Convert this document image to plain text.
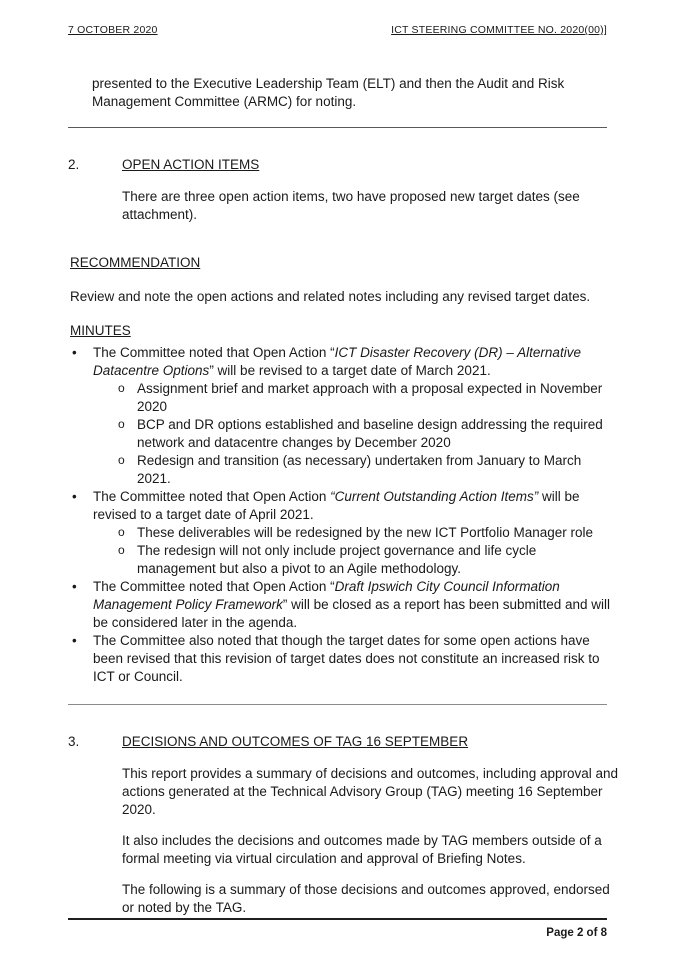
7 OCTOBER 2020	ICT STEERING COMMITTEE NO. 2020(00)]

presented to the Executive Leadership Team (ELT) and then the Audit and Risk Management Committee (ARMC) for noting.

2.	OPEN ACTION ITEMS

There are three open action items, two have proposed new target dates (see attachment).

RECOMMENDATION

Review and note the open actions and related notes including any revised target dates.

MINUTES
• The Committee noted that Open Action “ICT Disaster Recovery (DR) – Alternative Datacentre Options” will be revised to a target date of March 2021.
o Assignment brief and market approach with a proposal expected in November 2020
o BCP and DR options established and baseline design addressing the required network and datacentre changes by December 2020
o Redesign and transition (as necessary) undertaken from January to March 2021.
• The Committee noted that Open Action “Current Outstanding Action Items” will be revised to a target date of April 2021.
o These deliverables will be redesigned by the new ICT Portfolio Manager role
o The redesign will not only include project governance and life cycle management but also a pivot to an Agile methodology.
• The Committee noted that Open Action “Draft Ipswich City Council Information Management Policy Framework” will be closed as a report has been submitted and will be considered later in the agenda.
• The Committee also noted that though the target dates for some open actions have been revised that this revision of target dates does not constitute an increased risk to ICT or Council.
3.	DECISIONS AND OUTCOMES OF TAG 16 SEPTEMBER

This report provides a summary of decisions and outcomes, including approval and actions generated at the Technical Advisory Group (TAG) meeting 16 September 2020.

It also includes the decisions and outcomes made by TAG members outside of a formal meeting via virtual circulation and approval of Briefing Notes.

The following is a summary of those decisions and outcomes approved, endorsed or noted by the TAG.

Page 2 of 8
